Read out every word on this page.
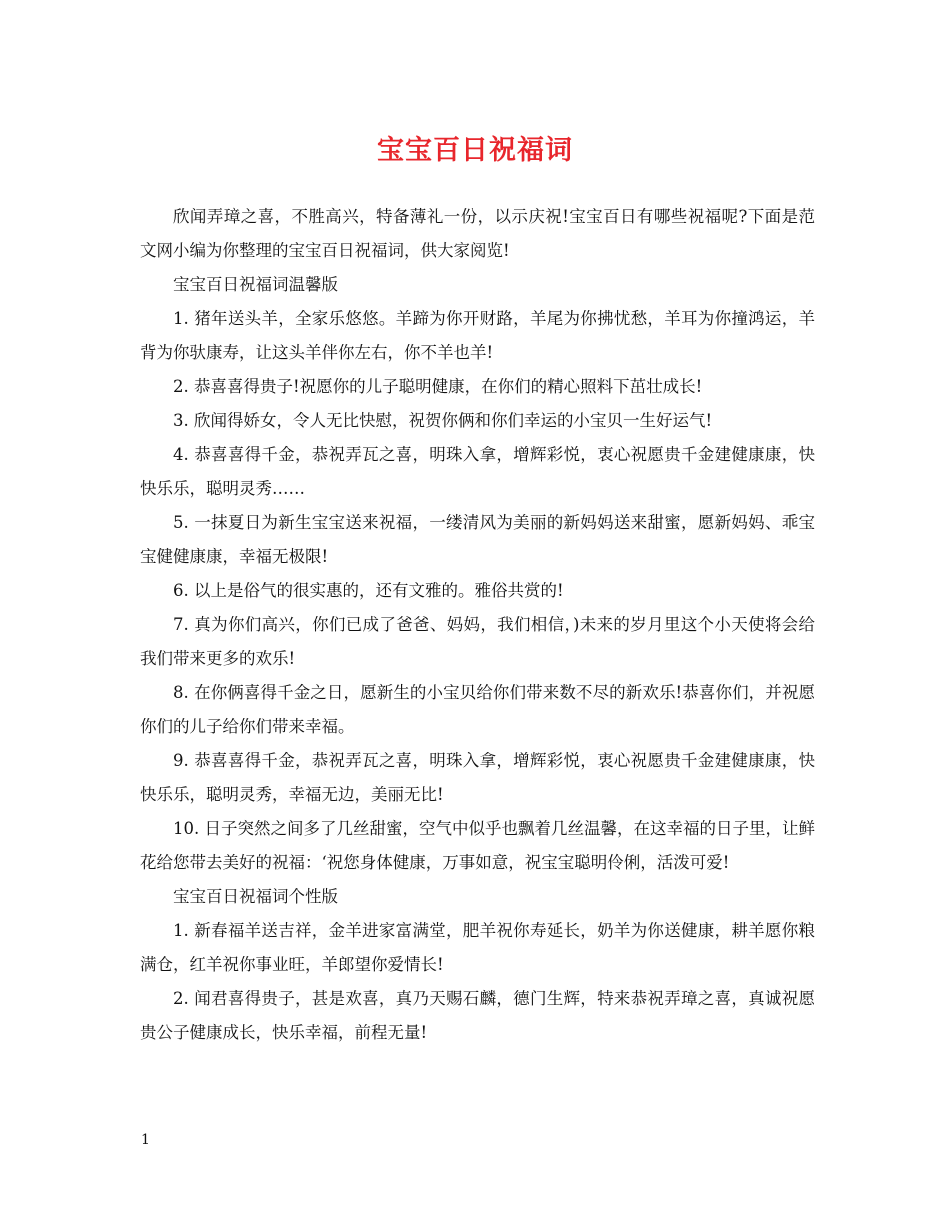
宝宝百日祝福词

欣闻弄璋之喜，不胜高兴，特备薄礼一份，以示庆祝!宝宝百日有哪些祝福呢?下面是范文网小编为你整理的宝宝百日祝福词，供大家阅览!

宝宝百日祝福词温馨版

1. 猪年送头羊，全家乐悠悠。羊蹄为你开财路，羊尾为你拂忧愁，羊耳为你撞鸿运，羊背为你驮康寿，让这头羊伴你左右，你不羊也羊!

2. 恭喜喜得贵子!祝愿你的儿子聪明健康，在你们的精心照料下茁壮成长!

3. 欣闻得娇女，令人无比快慰，祝贺你俩和你们幸运的小宝贝一生好运气!

4. 恭喜喜得千金，恭祝弄瓦之喜，明珠入拿，增辉彩悦，衷心祝愿贵千金建健康康，快快乐乐，聪明灵秀……

5. 一抹夏日为新生宝宝送来祝福，一缕清风为美丽的新妈妈送来甜蜜，愿新妈妈、乖宝宝健健康康，幸福无极限!

6. 以上是俗气的很实惠的，还有文雅的。雅俗共赏的!

7. 真为你们高兴，你们已成了爸爸、妈妈，我们相信，)未来的岁月里这个小天使将会给我们带来更多的欢乐!

8. 在你俩喜得千金之日，愿新生的小宝贝给你们带来数不尽的新欢乐!恭喜你们，并祝愿你们的儿子给你们带来幸福。

9. 恭喜喜得千金，恭祝弄瓦之喜，明珠入拿，增辉彩悦，衷心祝愿贵千金建健康康，快快乐乐，聪明灵秀，幸福无边，美丽无比!

10. 日子突然之间多了几丝甜蜜，空气中似乎也飘着几丝温馨，在这幸福的日子里，让鲜花给您带去美好的祝福：‘祝您身体健康，万事如意，祝宝宝聪明伶俐，活泼可爱!

宝宝百日祝福词个性版

1. 新春福羊送吉祥，金羊进家富满堂，肥羊祝你寿延长，奶羊为你送健康，耕羊愿你粮满仓，红羊祝你事业旺，羊郎望你爱情长!

2. 闻君喜得贵子，甚是欢喜，真乃天赐石麟，德门生辉，特来恭祝弄璋之喜，真诚祝愿贵公子健康成长，快乐幸福，前程无量!

1
